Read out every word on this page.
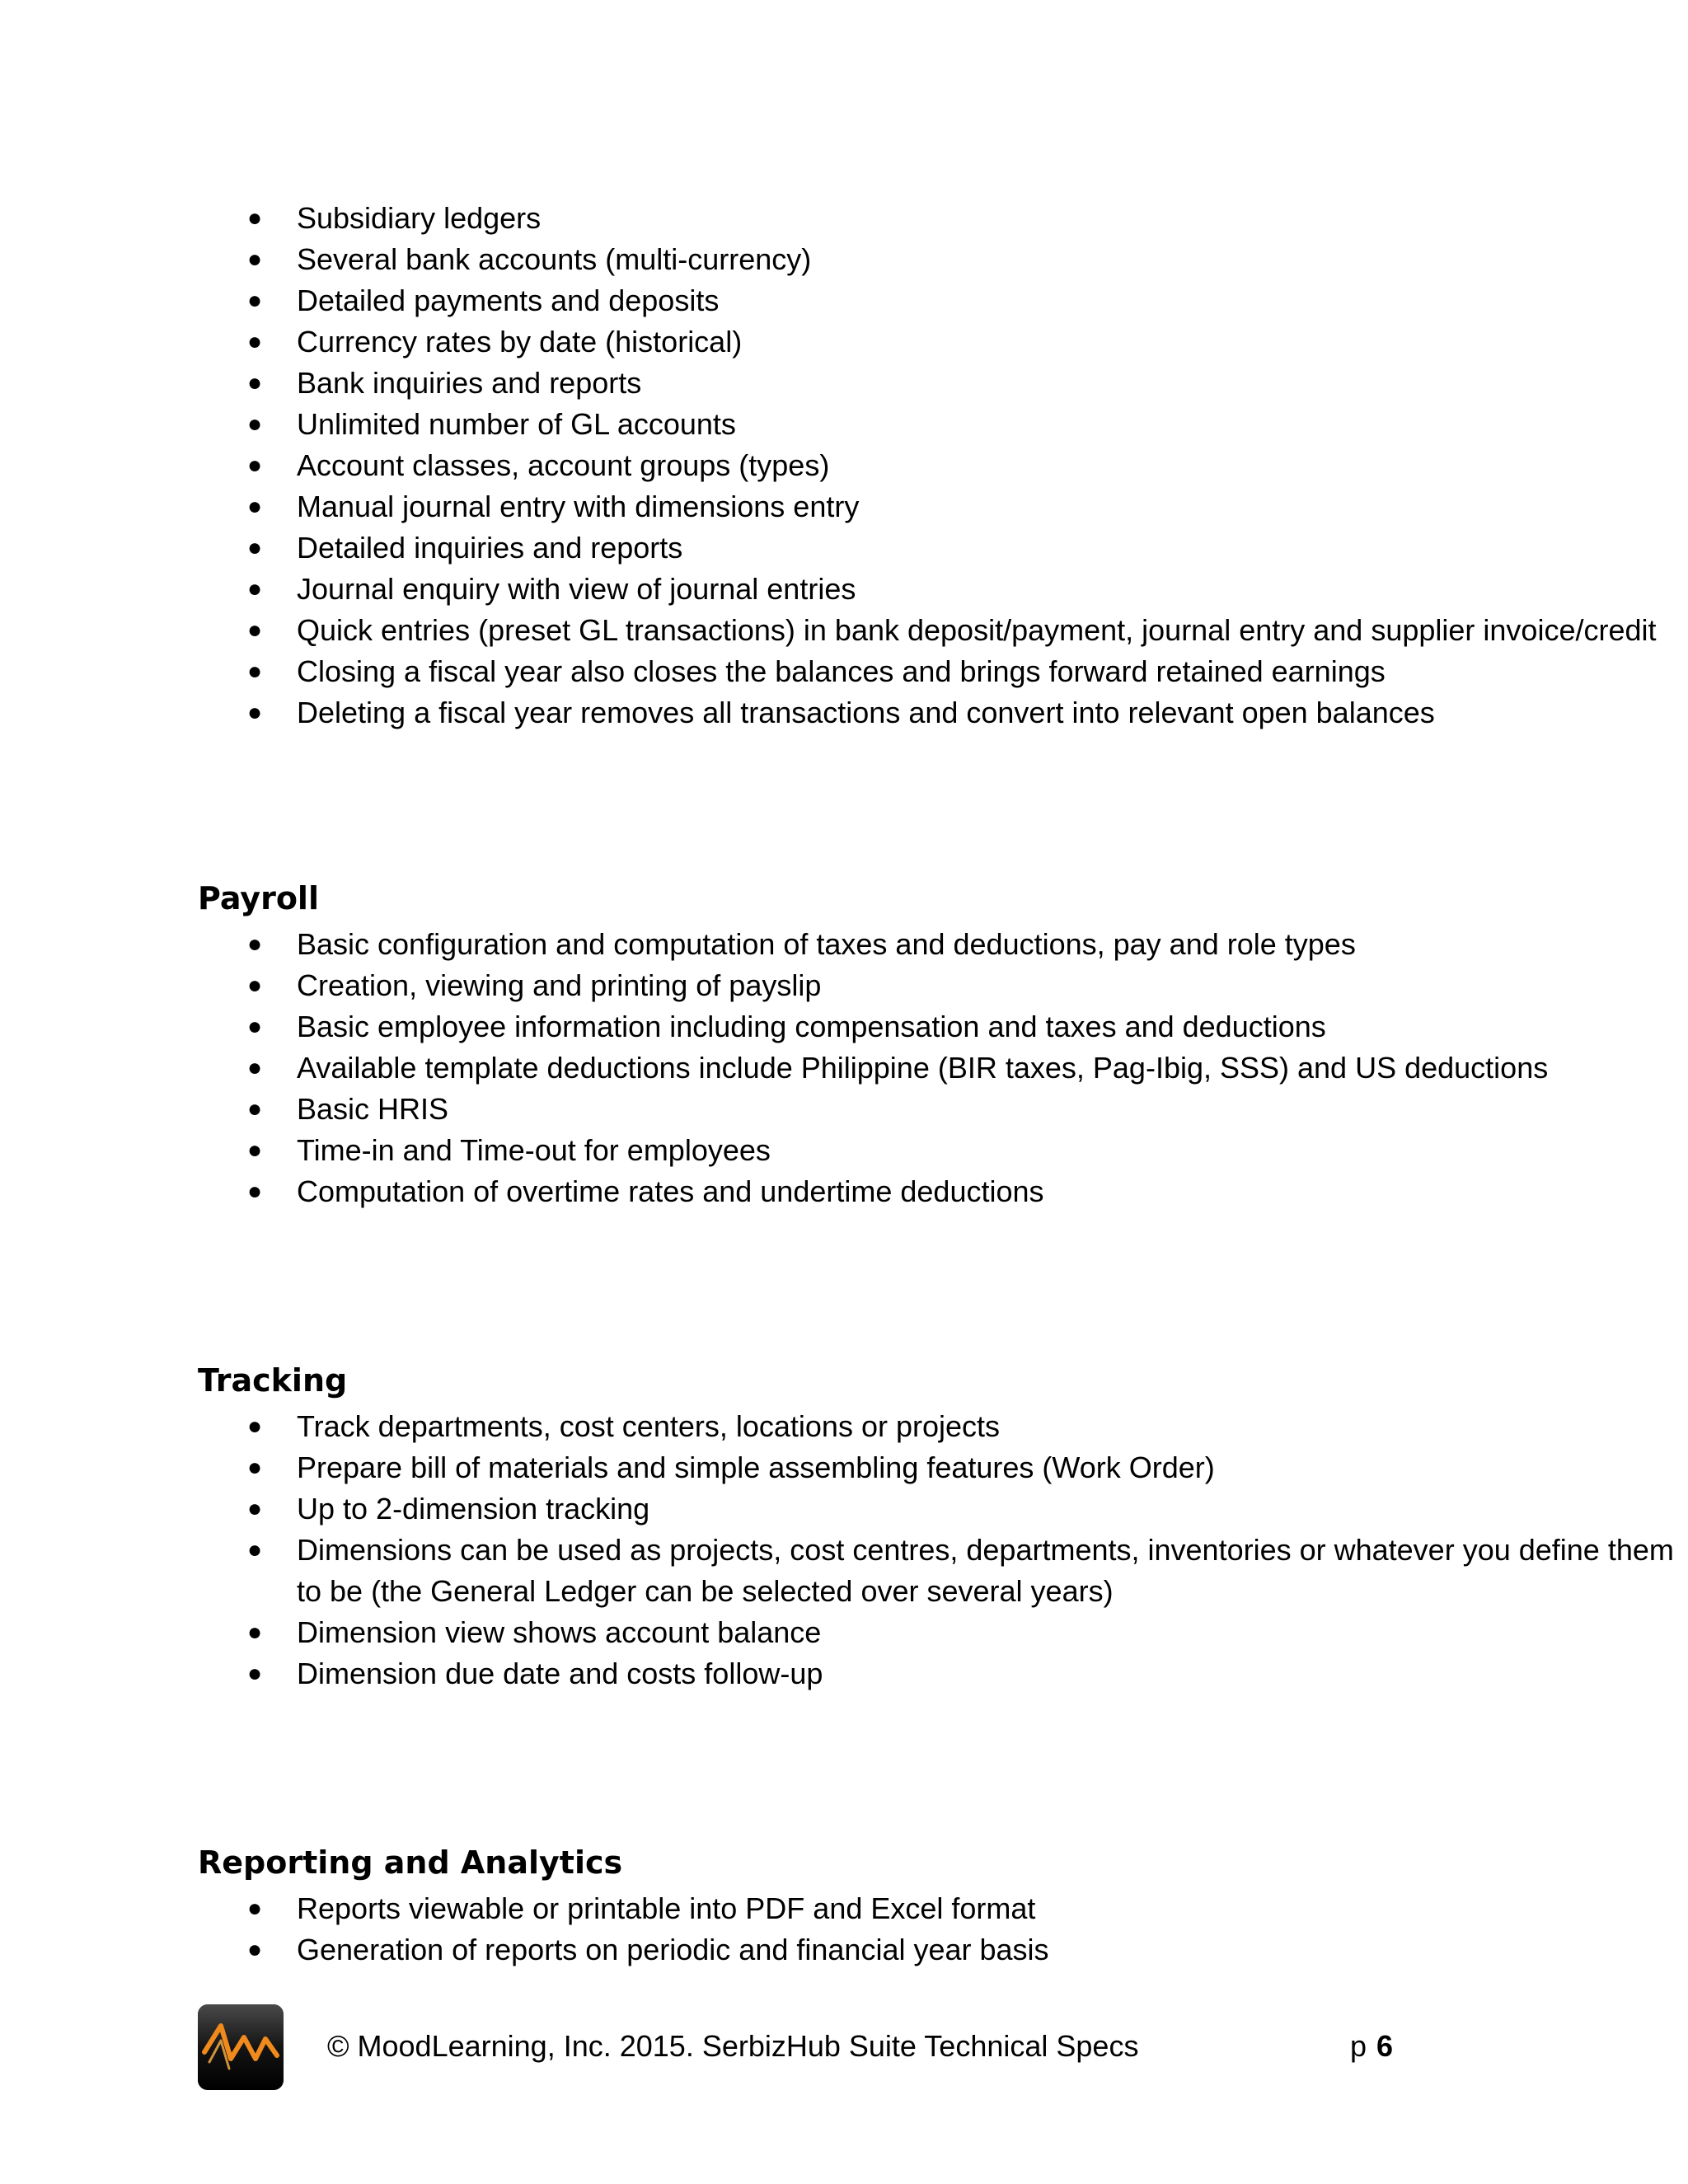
● Subsidiary ledgers
● Several bank accounts (multi-currency)
● Detailed payments and deposits
● Currency rates by date (historical)
● Bank inquiries and reports
● Unlimited number of GL accounts
● Account classes, account groups (types)
● Manual journal entry with dimensions entry
● Detailed inquiries and reports
● Journal enquiry with view of journal entries
● Quick entries (preset GL transactions) in bank deposit/payment, journal entry and supplier invoice/credit
● Closing a fiscal year also closes the balances and brings forward retained earnings
● Deleting a fiscal year removes all transactions and convert into relevant open balances
Payroll
● Basic configuration and computation of taxes and deductions, pay and role types
● Creation, viewing and printing of payslip
● Basic employee information including compensation and taxes and deductions
● Available template deductions include Philippine (BIR taxes, Pag-Ibig, SSS) and US deductions
● Basic HRIS
● Time-in and Time-out for employees
● Computation of overtime rates and undertime deductions
Tracking
● Track departments, cost centers, locations or projects
● Prepare bill of materials and simple assembling features (Work Order)
● Up to 2-dimension tracking
● Dimensions can be used as projects, cost centres, departments, inventories or whatever you define them to be (the General Ledger can be selected over several years)
● Dimension view shows account balance
● Dimension due date and costs follow-up
Reporting and Analytics
● Reports viewable or printable into PDF and Excel format
● Generation of reports on periodic and financial year basis
© MoodLearning, Inc. 2015. SerbizHub Suite Technical Specs	p 6
